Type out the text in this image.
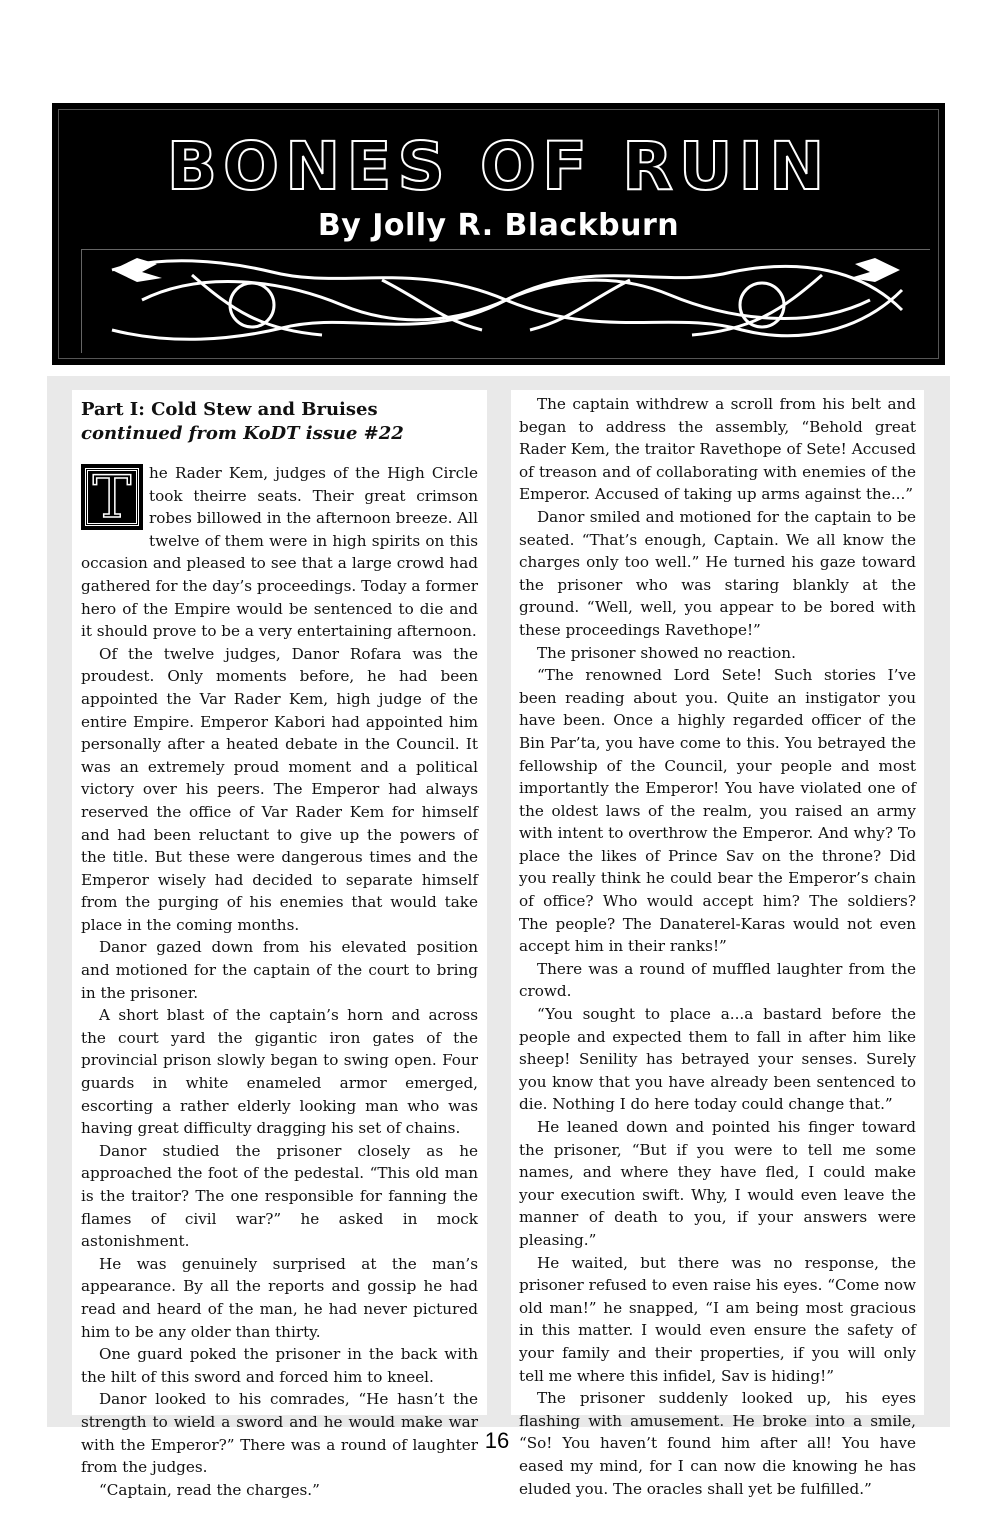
BONES OF RUIN
By Jolly R. Blackburn
Part I: Cold Stew and Bruises
continued from KoDT issue #22

T	he Rader Kem, judges of the High Circle took theirre seats. Their great crimson robes billowed in the afternoon breeze. All twelve of them were in high spirits on this occasion and pleased to see that a large crowd had gathered for the day’s proceedings. Today a former hero of the Empire would be sentenced to die and it should prove to be a very entertaining afternoon.

Of the twelve judges, Danor Rofara was the proudest. Only moments before, he had been appointed the Var Rader Kem, high judge of the entire Empire. Emperor Kabori had appointed him personally after a heated debate in the Council. It was an extremely proud moment and a political victory over his peers. The Emperor had always reserved the office of Var Rader Kem for himself and had been reluctant to give up the powers of the title. But these were dangerous times and the Emperor wisely had decided to separate himself from the purging of his enemies that would take place in the coming months.

Danor gazed down from his elevated position and motioned for the captain of the court to bring in the prisoner.

A short blast of the captain’s horn and across the court yard the gigantic iron gates of the provincial prison slowly began to swing open. Four guards in white enameled armor emerged, escorting a rather elderly looking man who was having great difficulty dragging his set of chains.

Danor studied the prisoner closely as he approached the foot of the pedestal. “This old man is the traitor? The one responsible for fanning the flames of civil war?” he asked in mock astonishment.

He was genuinely surprised at the man’s appearance. By all the reports and gossip he had read and heard of the man, he had never pictured him to be any older than thirty.

One guard poked the prisoner in the back with the hilt of this sword and forced him to kneel.

Danor looked to his comrades, “He hasn’t the strength to wield a sword and he would make war with the Emperor?” There was a round of laughter from the judges.

“Captain, read the charges.”

The captain withdrew a scroll from his belt and began to address the assembly, “Behold great Rader Kem, the traitor Ravethope of Sete! Accused of treason and of collaborating with enemies of the Emperor. Accused of taking up arms against the...”

Danor smiled and motioned for the captain to be seated. “That’s enough, Captain. We all know the charges only too well.” He turned his gaze toward the prisoner who was staring blankly at the ground. “Well, well, you appear to be bored with these proceedings Ravethope!”

The prisoner showed no reaction.

“The renowned Lord Sete! Such stories I’ve been reading about you. Quite an instigator you have been. Once a highly regarded officer of the Bin Par’ta, you have come to this. You betrayed the fellowship of the Council, your people and most importantly the Emperor! You have violated one of the oldest laws of the realm, you raised an army with intent to overthrow the Emperor. And why? To place the likes of Prince Sav on the throne? Did you really think he could bear the Emperor’s chain of office? Who would accept him? The soldiers? The people? The Danaterel-Karas would not even accept him in their ranks!”

There was a round of muffled laughter from the crowd.

“You sought to place a...a bastard before the people and expected them to fall in after him like sheep! Senility has betrayed your senses. Surely you know that you have already been sentenced to die. Nothing I do here today could change that.”

He leaned down and pointed his finger toward the prisoner, “But if you were to tell me some names, and where they have fled, I could make your execution swift. Why, I would even leave the manner of death to you, if your answers were pleasing.”

He waited, but there was no response, the prisoner refused to even raise his eyes. “Come now old man!” he snapped, “I am being most gracious in this matter. I would even ensure the safety of your family and their properties, if you will only tell me where this infidel, Sav is hiding!”

The prisoner suddenly looked up, his eyes flashing with amusement. He broke into a smile, “So! You haven’t found him after all! You have eased my mind, for I can now die knowing he has eluded you. The oracles shall yet be fulfilled.”

16
